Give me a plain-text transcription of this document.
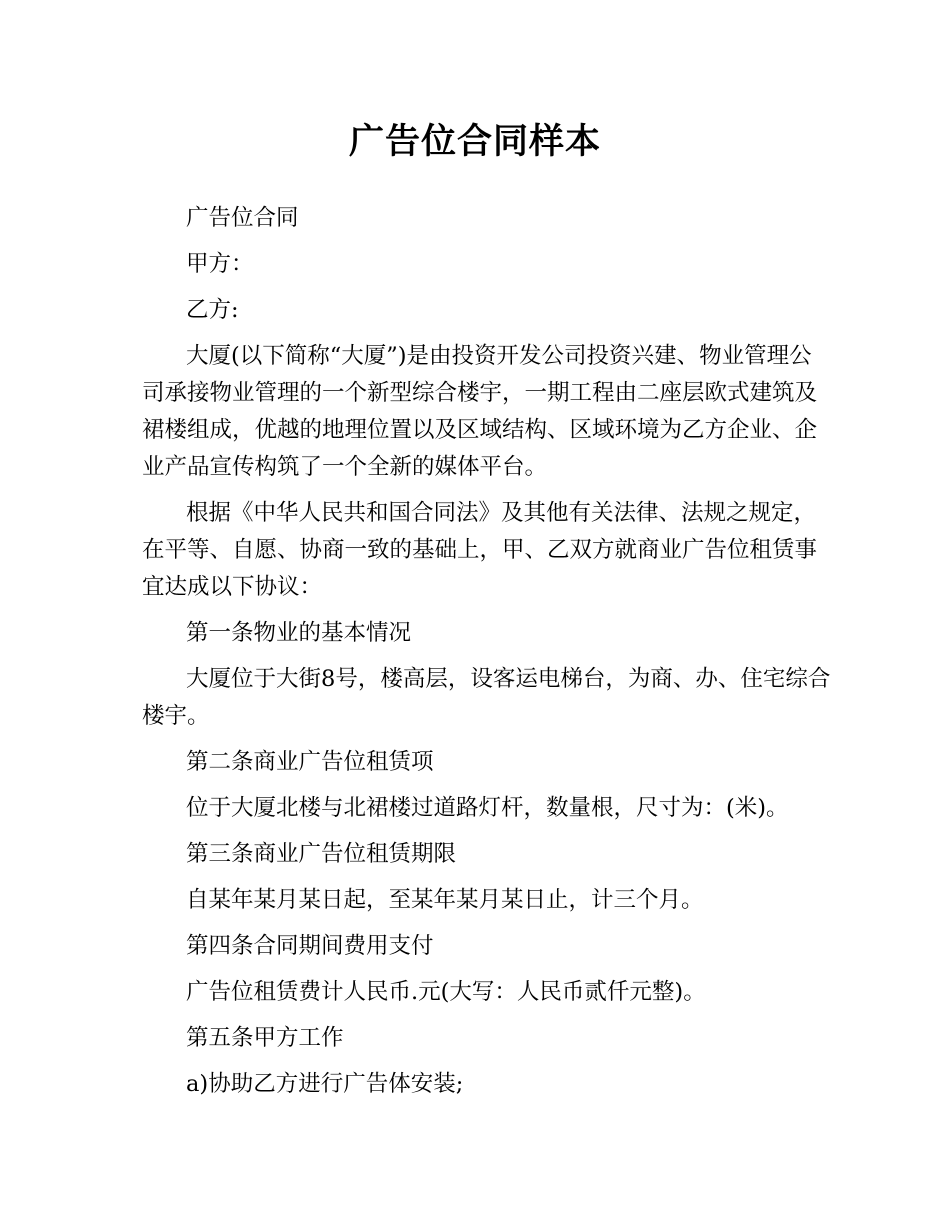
广告位合同样本

广告位合同

甲方：

乙方:

大厦(以下简称“大厦”)是由投资开发公司投资兴建、物业管理公司承接物业管理的一个新型综合楼宇，一期工程由二座层欧式建筑及裙楼组成，优越的地理位置以及区域结构、区域环境为乙方企业、企业产品宣传构筑了一个全新的媒体平台。

根据《中华人民共和国合同法》及其他有关法律、法规之规定，在平等、自愿、协商一致的基础上，甲、乙双方就商业广告位租赁事宜达成以下协议：

第一条物业的基本情况

大厦位于大街8号，楼高层，设客运电梯台，为商、办、住宅综合楼宇。

第二条商业广告位租赁项

位于大厦北楼与北裙楼过道路灯杆，数量根，尺寸为：(米)。

第三条商业广告位租赁期限

自某年某月某日起，至某年某月某日止，计三个月。

第四条合同期间费用支付

广告位租赁费计人民币.元(大写：人民币贰仟元整)。

第五条甲方工作

a)协助乙方进行广告体安装;
